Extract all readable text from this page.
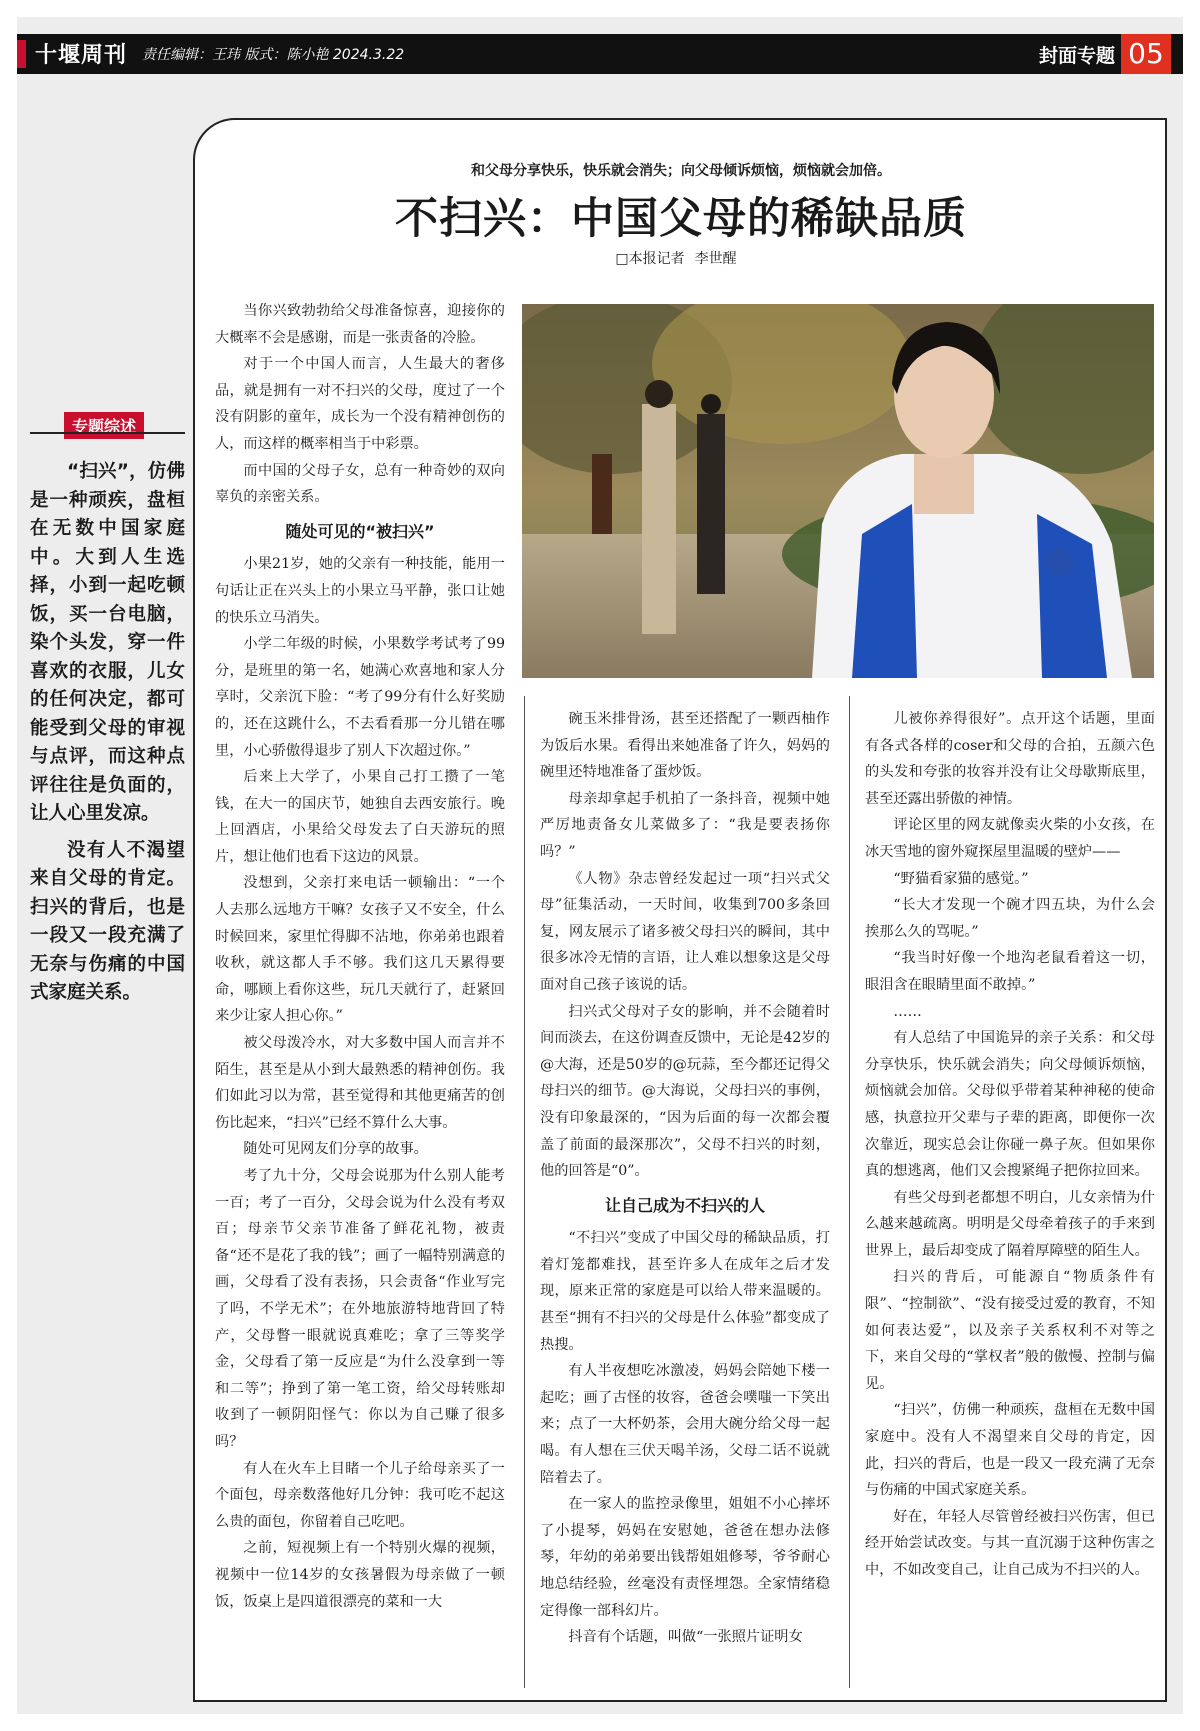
十堰周刊 责任编辑：王玮 版式：陈小艳 2024.3.22	封面专题 05
专题综述

“扫兴”，仿佛是一种顽疾，盘桓在无数中国家庭中。大到人生选择，小到一起吃顿饭，买一台电脑，染个头发，穿一件喜欢的衣服，儿女的任何决定，都可能受到父母的审视与点评，而这种点评往往是负面的，让人心里发凉。

没有人不渴望来自父母的肯定。扫兴的背后，也是一段又一段充满了无奈与伤痛的中国式家庭关系。

和父母分享快乐，快乐就会消失；向父母倾诉烦恼，烦恼就会加倍。
不扫兴：中国父母的稀缺品质
□本报记者 李世醒

当你兴致勃勃给父母准备惊喜，迎接你的大概率不会是感谢，而是一张责备的冷脸。

对于一个中国人而言，人生最大的奢侈品，就是拥有一对不扫兴的父母，度过了一个没有阴影的童年，成长为一个没有精神创伤的人，而这样的概率相当于中彩票。

而中国的父母子女，总有一种奇妙的双向辜负的亲密关系。

随处可见的“被扫兴”

小果21岁，她的父亲有一种技能，能用一句话让正在兴头上的小果立马平静，张口让她的快乐立马消失。

小学二年级的时候，小果数学考试考了99分，是班里的第一名，她满心欢喜地和家人分享时，父亲沉下脸：“考了99分有什么好奖励的，还在这跳什么，不去看看那一分儿错在哪里，小心骄傲得退步了别人下次超过你。”

后来上大学了，小果自己打工攒了一笔钱，在大一的国庆节，她独自去西安旅行。晚上回酒店，小果给父母发去了白天游玩的照片，想让他们也看下这边的风景。

没想到，父亲打来电话一顿输出：“一个人去那么远地方干嘛？女孩子又不安全，什么时候回来，家里忙得脚不沾地，你弟弟也跟着收秋，就这都人手不够。我们这几天累得要命，哪顾上看你这些，玩几天就行了，赶紧回来少让家人担心你。”

被父母泼冷水，对大多数中国人而言并不陌生，甚至是从小到大最熟悉的精神创伤。我们如此习以为常，甚至觉得和其他更痛苦的创伤比起来，“扫兴”已经不算什么大事。

随处可见网友们分享的故事。

考了九十分，父母会说那为什么别人能考一百；考了一百分，父母会说为什么没有考双百；母亲节父亲节准备了鲜花礼物，被责备“还不是花了我的钱”；画了一幅特别满意的画，父母看了没有表扬，只会责备“作业写完了吗，不学无术”；在外地旅游特地背回了特产，父母瞥一眼就说真难吃；拿了三等奖学金，父母看了第一反应是“为什么没拿到一等和二等”；挣到了第一笔工资，给父母转账却收到了一顿阴阳怪气：你以为自己赚了很多吗？

有人在火车上目睹一个儿子给母亲买了一个面包，母亲数落他好几分钟：我可吃不起这么贵的面包，你留着自己吃吧。

之前，短视频上有一个特别火爆的视频，视频中一位14岁的女孩暑假为母亲做了一顿饭，饭桌上是四道很漂亮的菜和一大

碗玉米排骨汤，甚至还搭配了一颗西柚作为饭后水果。看得出来她准备了许久，妈妈的碗里还特地准备了蛋炒饭。

母亲却拿起手机拍了一条抖音，视频中她严厉地责备女儿菜做多了：“我是要表扬你吗？”

《人物》杂志曾经发起过一项“扫兴式父母”征集活动，一天时间，收集到700多条回复，网友展示了诸多被父母扫兴的瞬间，其中很多冰冷无情的言语，让人难以想象这是父母面对自己孩子该说的话。

扫兴式父母对子女的影响，并不会随着时间而淡去，在这份调查反馈中，无论是42岁的@大海，还是50岁的@玩蒜，至今都还记得父母扫兴的细节。@大海说，父母扫兴的事例，没有印象最深的，“因为后面的每一次都会覆盖了前面的最深那次”，父母不扫兴的时刻，他的回答是“0”。

让自己成为不扫兴的人

“不扫兴”变成了中国父母的稀缺品质，打着灯笼都难找，甚至许多人在成年之后才发现，原来正常的家庭是可以给人带来温暖的。甚至“拥有不扫兴的父母是什么体验”都变成了热搜。

有人半夜想吃冰激凌，妈妈会陪她下楼一起吃；画了古怪的妆容，爸爸会噗嗤一下笑出来；点了一大杯奶茶，会用大碗分给父母一起喝。有人想在三伏天喝羊汤，父母二话不说就陪着去了。

在一家人的监控录像里，姐姐不小心摔坏了小提琴，妈妈在安慰她，爸爸在想办法修琴，年幼的弟弟要出钱帮姐姐修琴，爷爷耐心地总结经验，丝毫没有责怪埋怨。全家情绪稳定得像一部科幻片。

抖音有个话题，叫做“一张照片证明女

儿被你养得很好”。点开这个话题，里面有各式各样的coser和父母的合拍，五颜六色的头发和夸张的妆容并没有让父母歇斯底里，甚至还露出骄傲的神情。

评论区里的网友就像卖火柴的小女孩，在冰天雪地的窗外窥探屋里温暖的壁炉——

“野猫看家猫的感觉。”

“长大才发现一个碗才四五块，为什么会挨那么久的骂呢。”

“我当时好像一个地沟老鼠看着这一切，眼泪含在眼睛里面不敢掉。”

……

有人总结了中国诡异的亲子关系：和父母分享快乐，快乐就会消失；向父母倾诉烦恼，烦恼就会加倍。父母似乎带着某种神秘的使命感，执意拉开父辈与子辈的距离，即便你一次次靠近，现实总会让你碰一鼻子灰。但如果你真的想逃离，他们又会搜紧绳子把你拉回来。

有些父母到老都想不明白，儿女亲情为什么越来越疏离。明明是父母牵着孩子的手来到世界上，最后却变成了隔着厚障壁的陌生人。

扫兴的背后，可能源自“物质条件有限”、“控制欲”、“没有接受过爱的教育，不知如何表达爱”，以及亲子关系权利不对等之下，来自父母的“掌权者”般的傲慢、控制与偏见。

“扫兴”，仿佛一种顽疾，盘桓在无数中国家庭中。没有人不渴望来自父母的肯定，因此，扫兴的背后，也是一段又一段充满了无奈与伤痛的中国式家庭关系。

好在，年轻人尽管曾经被扫兴伤害，但已经开始尝试改变。与其一直沉溺于这种伤害之中，不如改变自己，让自己成为不扫兴的人。
